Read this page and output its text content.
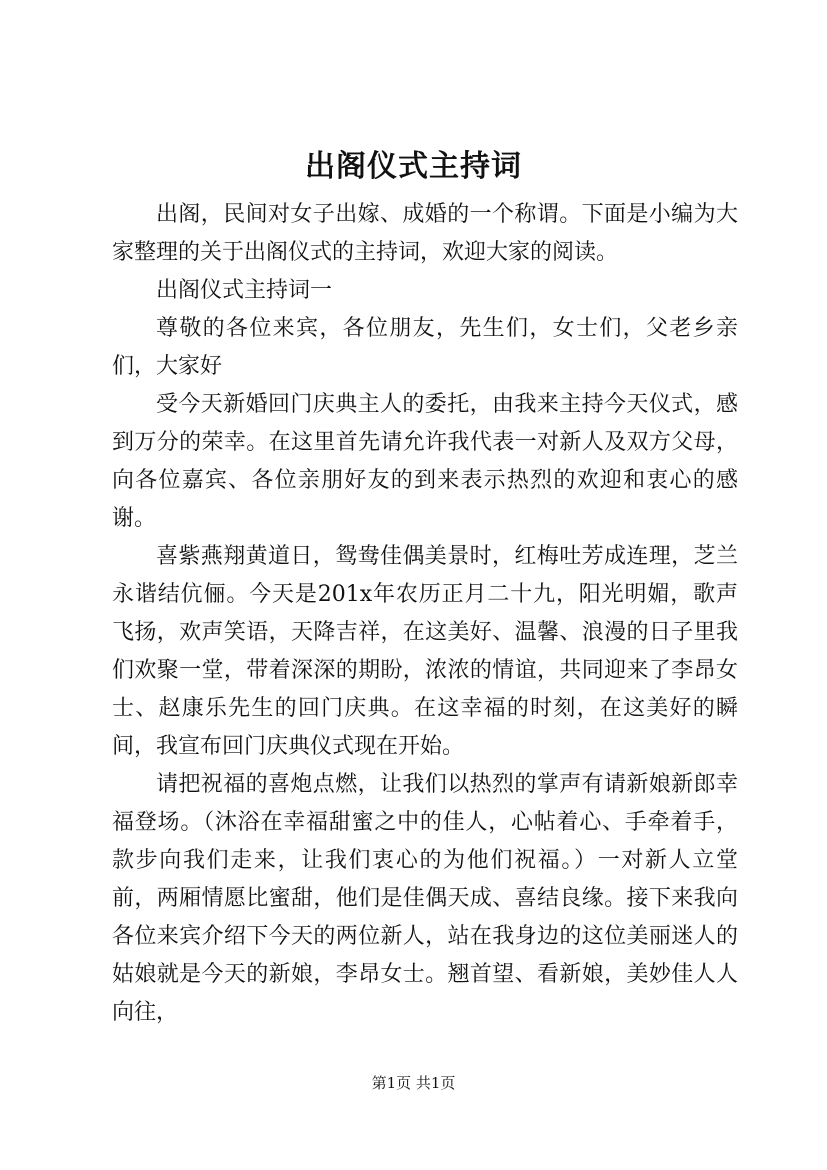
出阁仪式主持词

出阁，民间对女子出嫁、成婚的一个称谓。下面是小编为大家整理的关于出阁仪式的主持词，欢迎大家的阅读。

出阁仪式主持词一

尊敬的各位来宾，各位朋友，先生们，女士们，父老乡亲们，大家好

受今天新婚回门庆典主人的委托，由我来主持今天仪式，感到万分的荣幸。在这里首先请允许我代表一对新人及双方父母，向各位嘉宾、各位亲朋好友的到来表示热烈的欢迎和衷心的感谢。

喜紫燕翔黄道日，鸳鸯佳偶美景时，红梅吐芳成连理，芝兰永谐结伉俪。今天是201x年农历正月二十九，阳光明媚，歌声飞扬，欢声笑语，天降吉祥，在这美好、温馨、浪漫的日子里我们欢聚一堂，带着深深的期盼，浓浓的情谊，共同迎来了李昂女士、赵康乐先生的回门庆典。在这幸福的时刻，在这美好的瞬间，我宣布回门庆典仪式现在开始。

请把祝福的喜炮点燃，让我们以热烈的掌声有请新娘新郎幸福登场。（沐浴在幸福甜蜜之中的佳人，心帖着心、手牵着手，款步向我们走来，让我们衷心的为他们祝福。）一对新人立堂前，两厢情愿比蜜甜，他们是佳偶天成、喜结良缘。接下来我向各位来宾介绍下今天的两位新人，站在我身边的这位美丽迷人的姑娘就是今天的新娘，李昂女士。翘首望、看新娘，美妙佳人人向往，

第1页 共1页
